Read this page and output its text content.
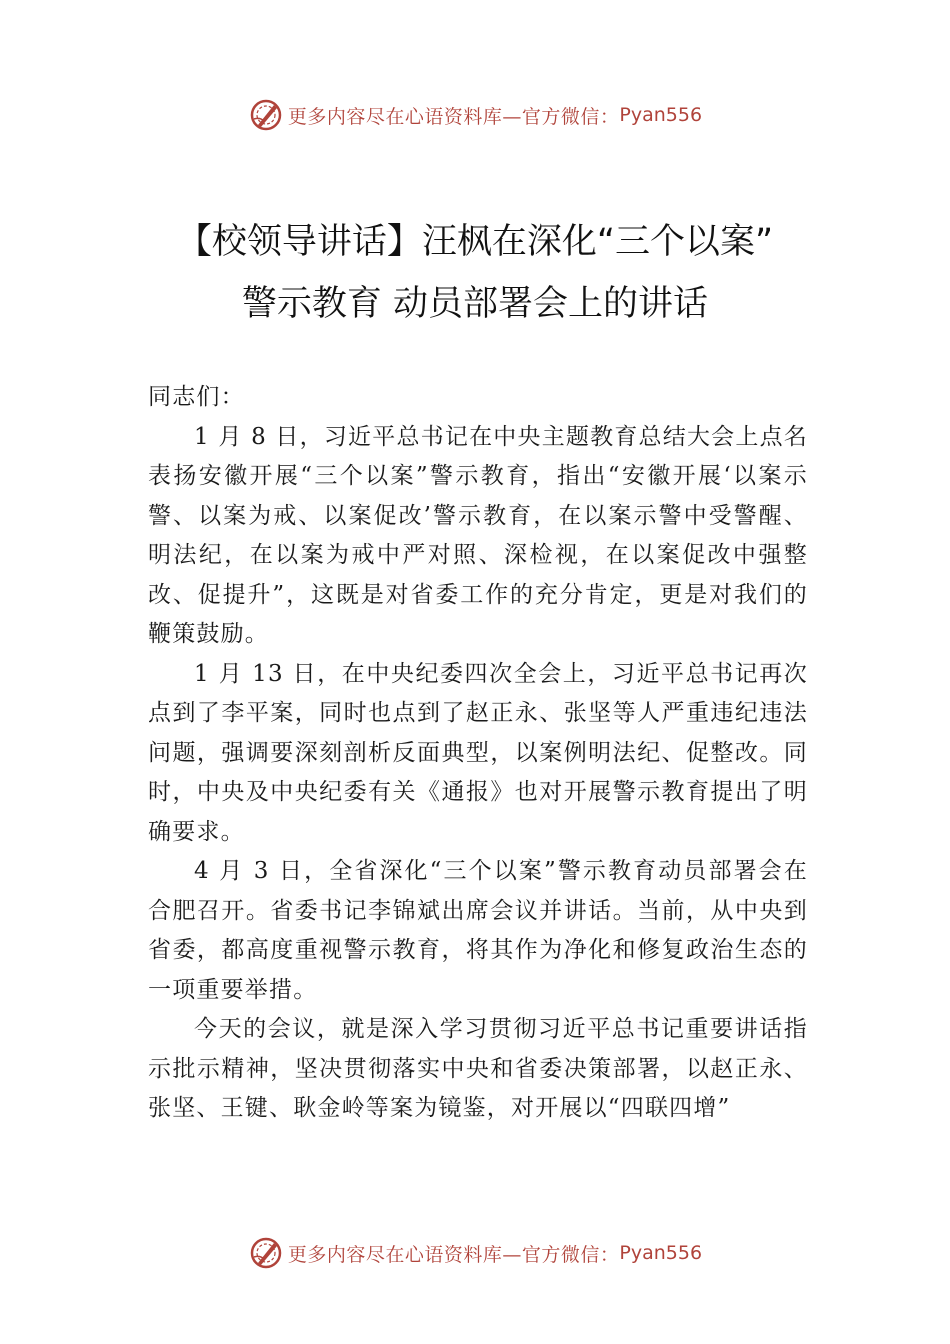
更多内容尽在心语资料库—官方微信： Pyan556
【校领导讲话】汪枫在深化“三个以案”
警示教育 动员部署会上的讲话

同志们：

1 月 8 日，习近平总书记在中央主题教育总结大会上点名表扬安徽开展“三个以案”警示教育，指出“安徽开展‘以案示警、以案为戒、以案促改’警示教育，在以案示警中受警醒、明法纪，在以案为戒中严对照、深检视，在以案促改中强整改、促提升”，这既是对省委工作的充分肯定，更是对我们的鞭策鼓励。

1 月 13 日，在中央纪委四次全会上，习近平总书记再次点到了李平案，同时也点到了赵正永、张坚等人严重违纪违法问题，强调要深刻剖析反面典型，以案例明法纪、促整改。同时，中央及中央纪委有关《通报》也对开展警示教育提出了明确要求。

4 月 3 日，全省深化“三个以案”警示教育动员部署会在合肥召开。省委书记李锦斌出席会议并讲话。当前，从中央到省委，都高度重视警示教育，将其作为净化和修复政治生态的一项重要举措。

今天的会议，就是深入学习贯彻习近平总书记重要讲话指示批示精神，坚决贯彻落实中央和省委决策部署，以赵正永、张坚、王键、耿金岭等案为镜鉴，对开展以“四联四增”

更多内容尽在心语资料库—官方微信： Pyan556
